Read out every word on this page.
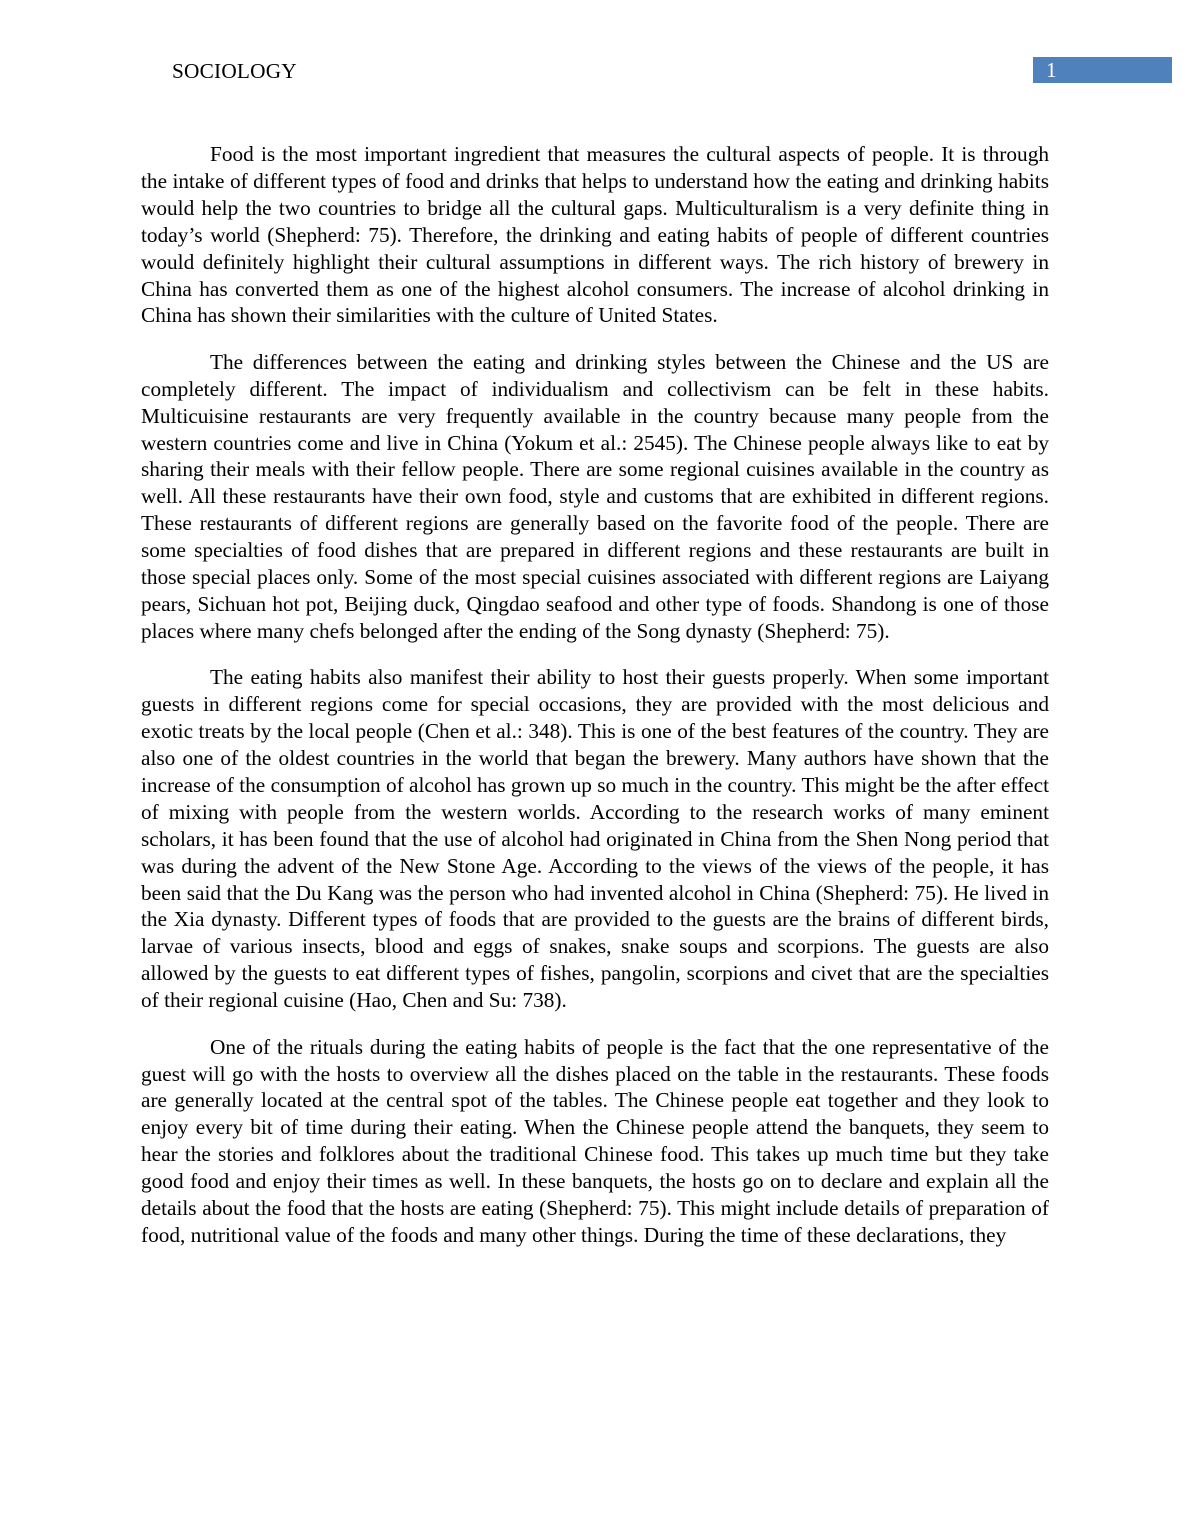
SOCIOLOGY	1

Food is the most important ingredient that measures the cultural aspects of people. It is through the intake of different types of food and drinks that helps to understand how the eating and drinking habits would help the two countries to bridge all the cultural gaps. Multiculturalism is a very definite thing in today’s world (Shepherd: 75). Therefore, the drinking and eating habits of people of different countries would definitely highlight their cultural assumptions in different ways. The rich history of brewery in China has converted them as one of the highest alcohol consumers. The increase of alcohol drinking in China has shown their similarities with the culture of United States.

The differences between the eating and drinking styles between the Chinese and the US are completely different. The impact of individualism and collectivism can be felt in these habits. Multicuisine restaurants are very frequently available in the country because many people from the western countries come and live in China (Yokum et al.: 2545). The Chinese people always like to eat by sharing their meals with their fellow people. There are some regional cuisines available in the country as well. All these restaurants have their own food, style and customs that are exhibited in different regions. These restaurants of different regions are generally based on the favorite food of the people. There are some specialties of food dishes that are prepared in different regions and these restaurants are built in those special places only. Some of the most special cuisines associated with different regions are Laiyang pears, Sichuan hot pot, Beijing duck, Qingdao seafood and other type of foods. Shandong is one of those places where many chefs belonged after the ending of the Song dynasty (Shepherd: 75).

The eating habits also manifest their ability to host their guests properly. When some important guests in different regions come for special occasions, they are provided with the most delicious and exotic treats by the local people (Chen et al.: 348). This is one of the best features of the country. They are also one of the oldest countries in the world that began the brewery. Many authors have shown that the increase of the consumption of alcohol has grown up so much in the country. This might be the after effect of mixing with people from the western worlds. According to the research works of many eminent scholars, it has been found that the use of alcohol had originated in China from the Shen Nong period that was during the advent of the New Stone Age. According to the views of the views of the people, it has been said that the Du Kang was the person who had invented alcohol in China (Shepherd: 75). He lived in the Xia dynasty. Different types of foods that are provided to the guests are the brains of different birds, larvae of various insects, blood and eggs of snakes, snake soups and scorpions. The guests are also allowed by the guests to eat different types of fishes, pangolin, scorpions and civet that are the specialties of their regional cuisine (Hao, Chen and Su: 738).

One of the rituals during the eating habits of people is the fact that the one representative of the guest will go with the hosts to overview all the dishes placed on the table in the restaurants. These foods are generally located at the central spot of the tables. The Chinese people eat together and they look to enjoy every bit of time during their eating. When the Chinese people attend the banquets, they seem to hear the stories and folklores about the traditional Chinese food. This takes up much time but they take good food and enjoy their times as well. In these banquets, the hosts go on to declare and explain all the details about the food that the hosts are eating (Shepherd: 75). This might include details of preparation of food, nutritional value of the foods and many other things. During the time of these declarations, they
